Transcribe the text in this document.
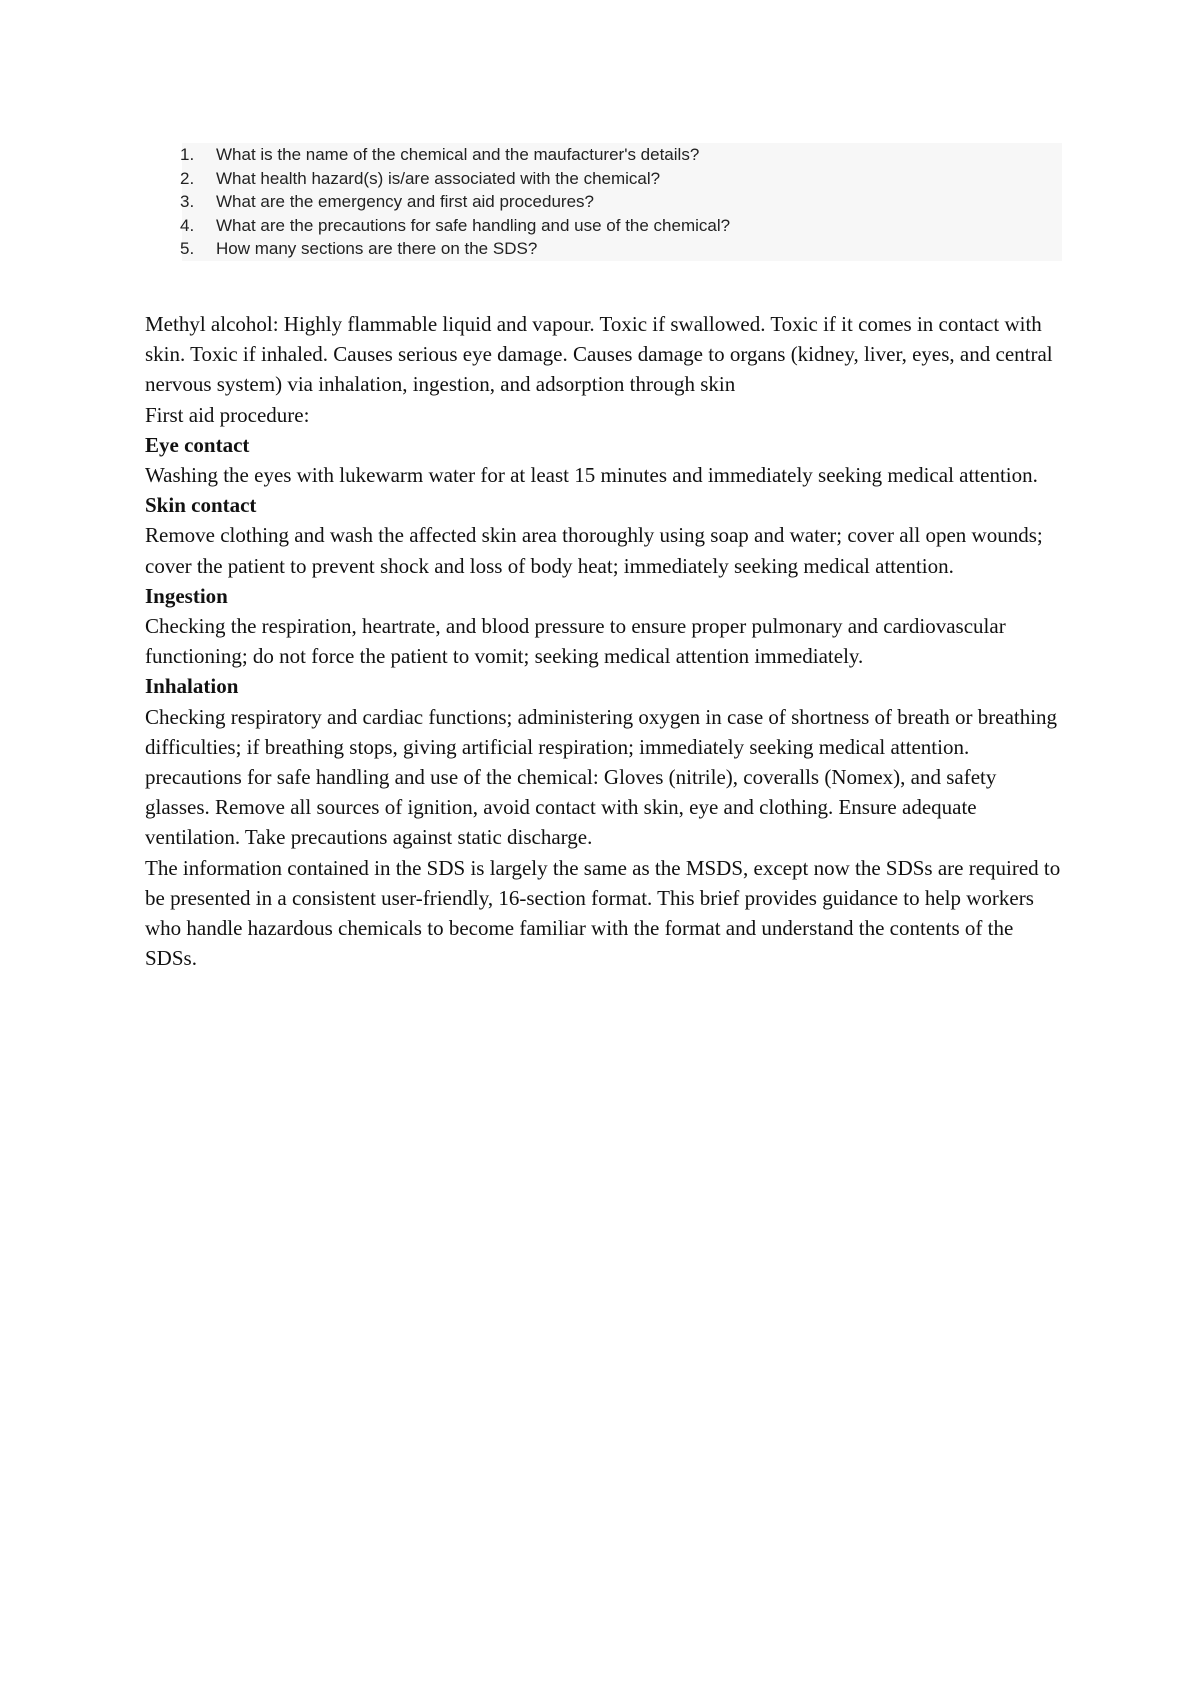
1.	What is the name of the chemical and the maufacturer's details?
2.	What health hazard(s) is/are associated with the chemical?
3.	What are the emergency and first aid procedures?
4.	What are the precautions for safe handling and use of the chemical?
5.	How many sections are there on the SDS?

Methyl alcohol: Highly flammable liquid and vapour. Toxic if swallowed. Toxic if it comes in contact with skin. Toxic if inhaled. Causes serious eye damage. Causes damage to organs (kidney, liver, eyes, and central nervous system) via inhalation, ingestion, and adsorption through skin

First aid procedure:

Eye contact

Washing the eyes with lukewarm water for at least 15 minutes and immediately seeking medical attention.

Skin contact

Remove clothing and wash the affected skin area thoroughly using soap and water; cover all open wounds; cover the patient to prevent shock and loss of body heat; immediately seeking medical attention.

Ingestion

Checking the respiration, heartrate, and blood pressure to ensure proper pulmonary and cardiovascular functioning; do not force the patient to vomit; seeking medical attention immediately.

Inhalation

Checking respiratory and cardiac functions; administering oxygen in case of shortness of breath or breathing difficulties; if breathing stops, giving artificial respiration; immediately seeking medical attention.

precautions for safe handling and use of the chemical: Gloves (nitrile), coveralls (Nomex), and safety glasses. Remove all sources of ignition, avoid contact with skin, eye and clothing. Ensure adequate ventilation. Take precautions against static discharge.

The information contained in the SDS is largely the same as the MSDS, except now the SDSs are required to be presented in a consistent user-friendly, 16-section format. This brief provides guidance to help workers who handle hazardous chemicals to become familiar with the format and understand the contents of the SDSs.
